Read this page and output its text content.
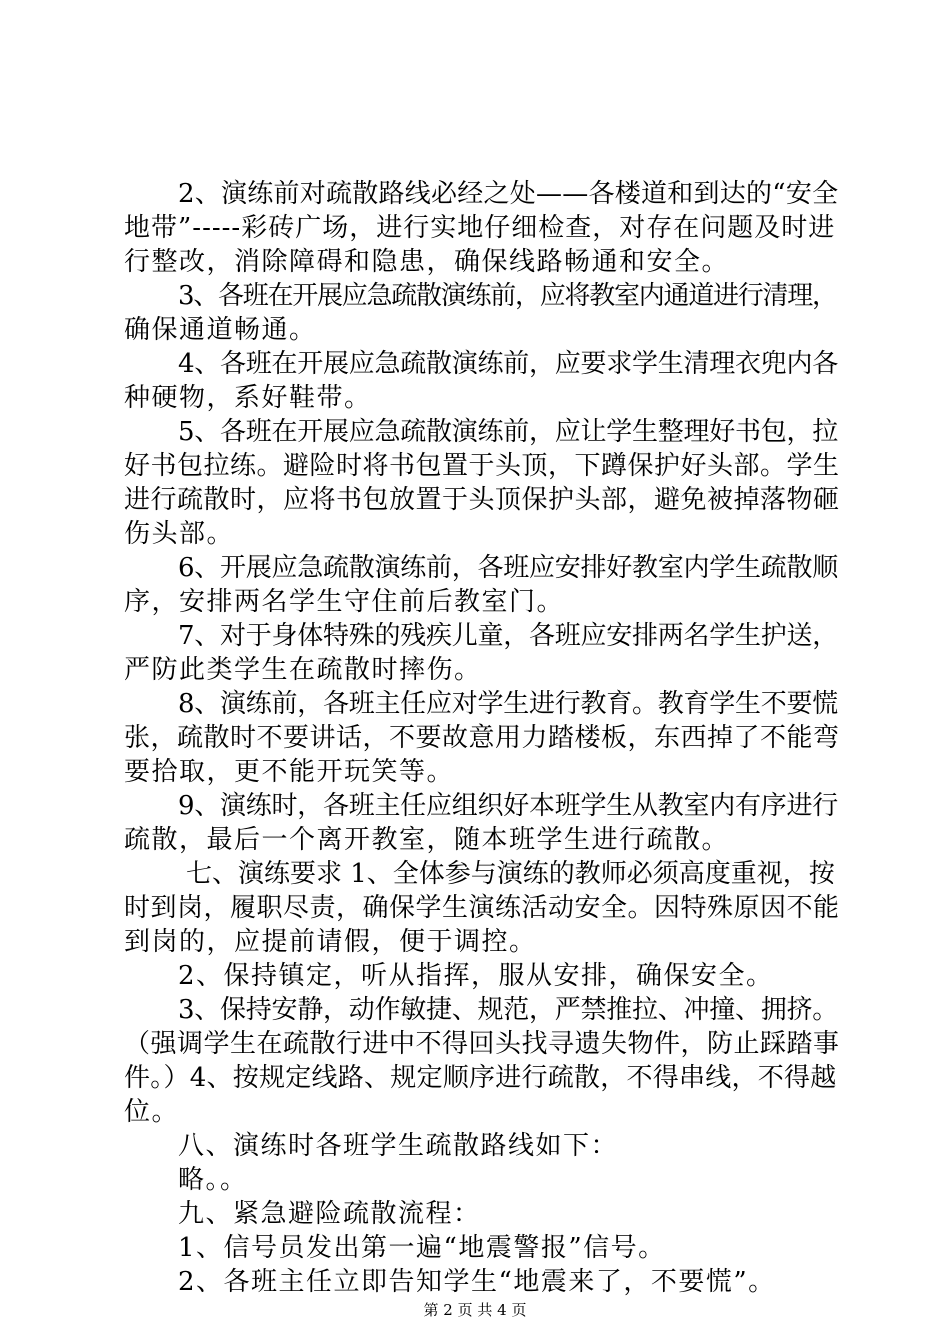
2、演练前对疏散路线必经之处——各楼道和到达的“安全
地带”-----彩砖广场，进行实地仔细检查，对存在问题及时进
行整改，消除障碍和隐患，确保线路畅通和安全。
3、各班在开展应急疏散演练前，应将教室内通道进行清理，
确保通道畅通。
4、各班在开展应急疏散演练前，应要求学生清理衣兜内各
种硬物，系好鞋带。
5、各班在开展应急疏散演练前，应让学生整理好书包，拉
好书包拉练。避险时将书包置于头顶，下蹲保护好头部。学生
进行疏散时，应将书包放置于头顶保护头部，避免被掉落物砸
伤头部。
6、开展应急疏散演练前，各班应安排好教室内学生疏散顺
序，安排两名学生守住前后教室门。
7、对于身体特殊的残疾儿童，各班应安排两名学生护送，
严防此类学生在疏散时摔伤。
8、演练前，各班主任应对学生进行教育。教育学生不要慌
张，疏散时不要讲话，不要故意用力踏楼板，东西掉了不能弯
要拾取，更不能开玩笑等。
9、演练时，各班主任应组织好本班学生从教室内有序进行
疏散，最后一个离开教室，随本班学生进行疏散。
七、演练要求 1、全体参与演练的教师必须高度重视，按
时到岗，履职尽责，确保学生演练活动安全。因特殊原因不能
到岗的，应提前请假，便于调控。
2、保持镇定，听从指挥，服从安排，确保安全。
3、保持安静，动作敏捷、规范，严禁推拉、冲撞、拥挤。
（强调学生在疏散行进中不得回头找寻遗失物件，防止踩踏事
件。）4、按规定线路、规定顺序进行疏散，不得串线，不得越
位。
八、演练时各班学生疏散路线如下：
略。。
九、紧急避险疏散流程：
1、信号员发出第一遍“地震警报”信号。
2、各班主任立即告知学生“地震来了，不要慌”。
第 2 页 共 4 页
